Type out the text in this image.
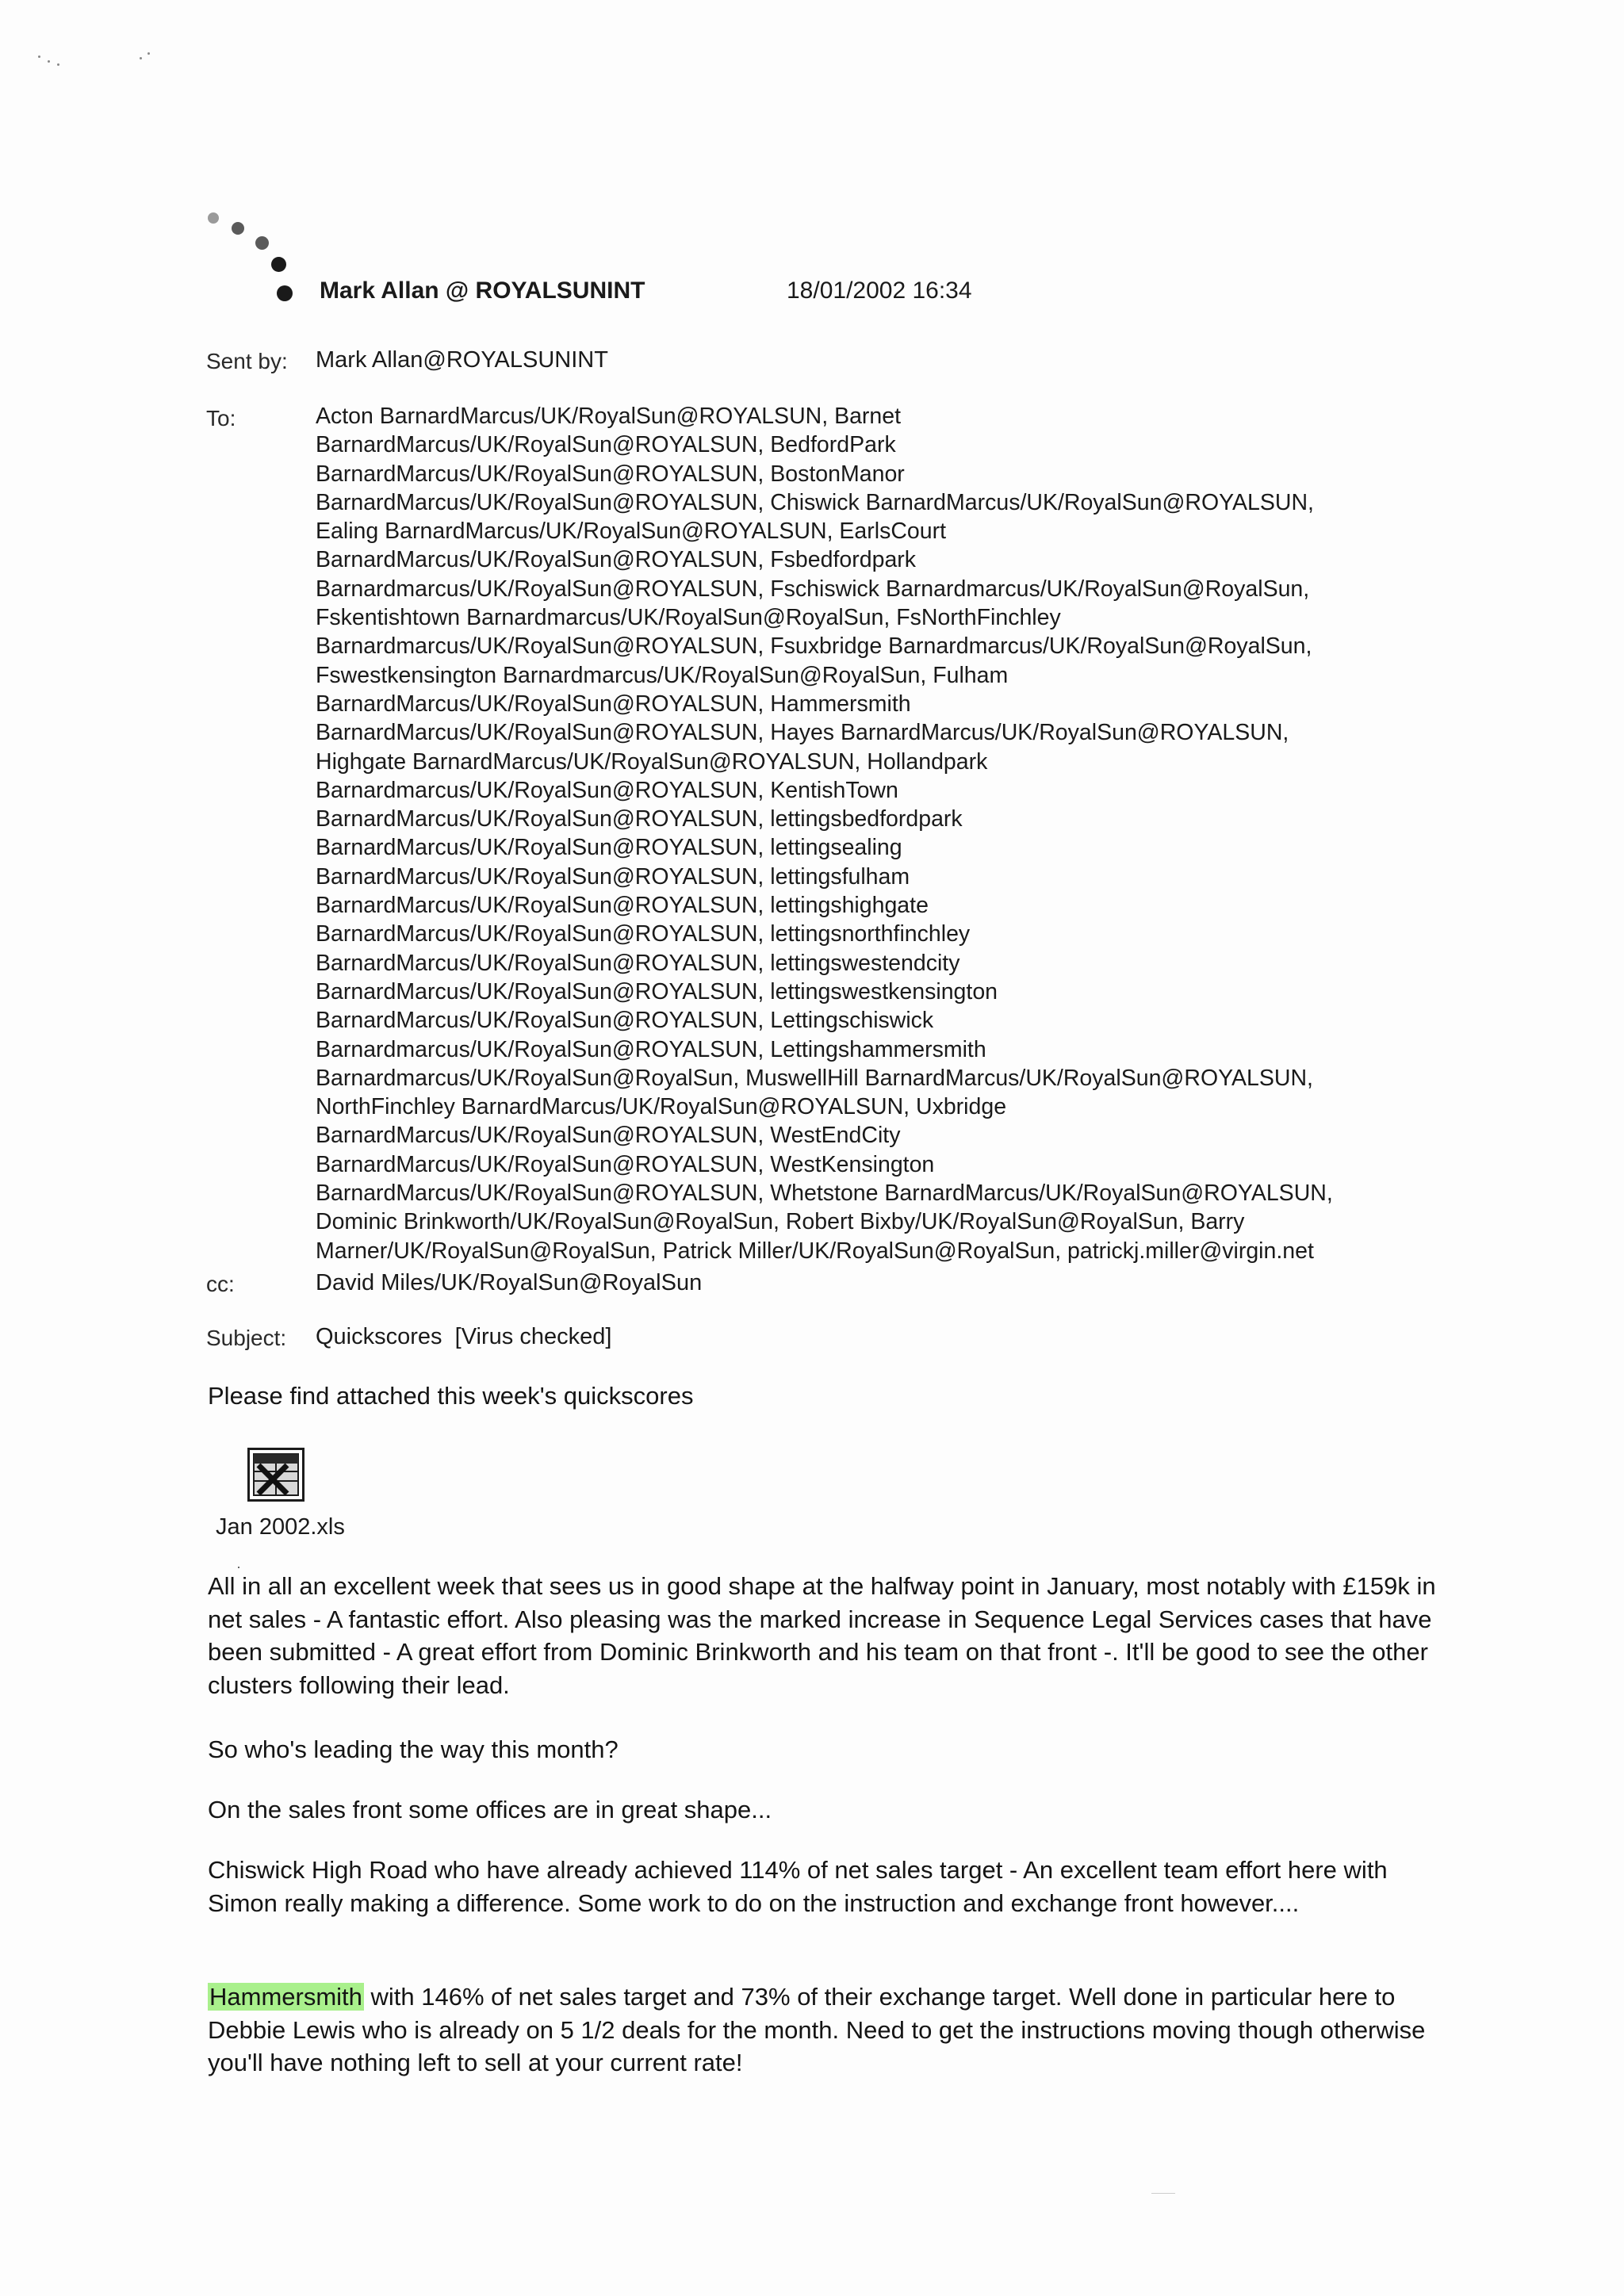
Mark Allan @ ROYALSUNINT	18/01/2002 16:34
Sent by: Mark Allan@ROYALSUNINT
To:	Acton BarnardMarcus/UK/RoyalSun@ROYALSUN, Barnet
BarnardMarcus/UK/RoyalSun@ROYALSUN, BedfordPark
BarnardMarcus/UK/RoyalSun@ROYALSUN, BostonManor
BarnardMarcus/UK/RoyalSun@ROYALSUN, Chiswick BarnardMarcus/UK/RoyalSun@ROYALSUN,
Ealing BarnardMarcus/UK/RoyalSun@ROYALSUN, EarlsCourt
BarnardMarcus/UK/RoyalSun@ROYALSUN, Fsbedfordpark
Barnardmarcus/UK/RoyalSun@ROYALSUN, Fschiswick Barnardmarcus/UK/RoyalSun@RoyalSun,
Fskentishtown Barnardmarcus/UK/RoyalSun@RoyalSun, FsNorthFinchley
Barnardmarcus/UK/RoyalSun@ROYALSUN, Fsuxbridge Barnardmarcus/UK/RoyalSun@RoyalSun,
Fswestkensington Barnardmarcus/UK/RoyalSun@RoyalSun, Fulham
BarnardMarcus/UK/RoyalSun@ROYALSUN, Hammersmith
BarnardMarcus/UK/RoyalSun@ROYALSUN, Hayes BarnardMarcus/UK/RoyalSun@ROYALSUN,
Highgate BarnardMarcus/UK/RoyalSun@ROYALSUN, Hollandpark
Barnardmarcus/UK/RoyalSun@ROYALSUN, KentishTown
BarnardMarcus/UK/RoyalSun@ROYALSUN, lettingsbedfordpark
BarnardMarcus/UK/RoyalSun@ROYALSUN, lettingsealing
BarnardMarcus/UK/RoyalSun@ROYALSUN, lettingsfulham
BarnardMarcus/UK/RoyalSun@ROYALSUN, lettingshighgate
BarnardMarcus/UK/RoyalSun@ROYALSUN, lettingsnorthfinchley
BarnardMarcus/UK/RoyalSun@ROYALSUN, lettingswestendcity
BarnardMarcus/UK/RoyalSun@ROYALSUN, lettingswestkensington
BarnardMarcus/UK/RoyalSun@ROYALSUN, Lettingschiswick
Barnardmarcus/UK/RoyalSun@ROYALSUN, Lettingshammersmith
Barnardmarcus/UK/RoyalSun@RoyalSun, MuswellHill BarnardMarcus/UK/RoyalSun@ROYALSUN,
NorthFinchley BarnardMarcus/UK/RoyalSun@ROYALSUN, Uxbridge
BarnardMarcus/UK/RoyalSun@ROYALSUN, WestEndCity
BarnardMarcus/UK/RoyalSun@ROYALSUN, WestKensington
BarnardMarcus/UK/RoyalSun@ROYALSUN, Whetstone BarnardMarcus/UK/RoyalSun@ROYALSUN,
Dominic Brinkworth/UK/RoyalSun@RoyalSun, Robert Bixby/UK/RoyalSun@RoyalSun, Barry
Marner/UK/RoyalSun@RoyalSun, Patrick Miller/UK/RoyalSun@RoyalSun, patrickj.miller@virgin.net
cc:	David Miles/UK/RoyalSun@RoyalSun
Subject: Quickscores  [Virus checked]
Please find attached this week's quickscores
Jan 2002.xls
All in all an excellent week that sees us in good shape at the halfway point in January, most notably with £159k in net sales - A fantastic effort. Also pleasing was the marked increase in Sequence Legal Services cases that have been submitted - A great effort from Dominic Brinkworth and his team on that front -. It'll be good to see the other clusters following their lead.
So who's leading the way this month?
On the sales front some offices are in great shape...
Chiswick High Road who have already achieved 114% of net sales target - An excellent team effort here with Simon really making a difference. Some work to do on the instruction and exchange front however....
Hammersmith with 146% of net sales target and 73% of their exchange target. Well done in particular here to Debbie Lewis who is already on 5 1/2 deals for the month. Need to get the instructions moving though otherwise you'll have nothing left to sell at your current rate!
